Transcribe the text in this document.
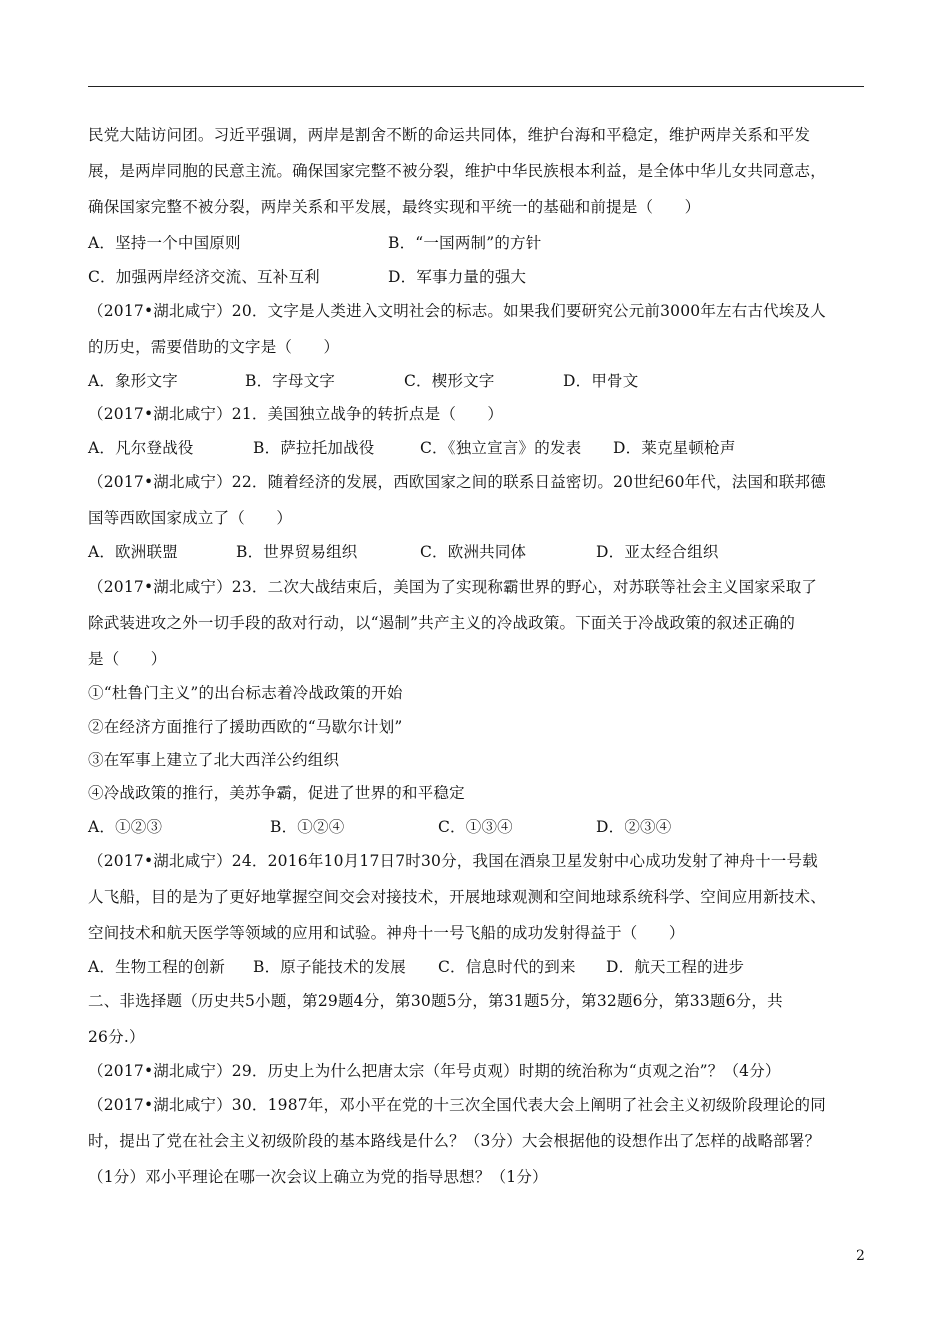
民党大陆访问团。习近平强调，两岸是割舍不断的命运共同体，维护台海和平稳定，维护两岸关系和平发
展，是两岸同胞的民意主流。确保国家完整不被分裂，维护中华民族根本利益，是全体中华儿女共同意志，
确保国家完整不被分裂，两岸关系和平发展，最终实现和平统一的基础和前提是（　　）
A．坚持一个中国原则	B．“一国两制”的方针
C．加强两岸经济交流、互补互利	D．军事力量的强大
（2017•湖北咸宁）20．文字是人类进入文明社会的标志。如果我们要研究公元前3000年左右古代埃及人
的历史，需要借助的文字是（　　）
A．象形文字	B．字母文字	C．楔形文字	D．甲骨文
（2017•湖北咸宁）21．美国独立战争的转折点是（　　）
A．凡尔登战役	B．萨拉托加战役	C．《独立宣言》的发表 D．莱克星顿枪声
（2017•湖北咸宁）22．随着经济的发展，西欧国家之间的联系日益密切。20世纪60年代，法国和联邦德
国等西欧国家成立了（　　）
A．欧洲联盟	B．世界贸易组织	C．欧洲共同体	D．亚太经合组织
（2017•湖北咸宁）23．二次大战结束后，美国为了实现称霸世界的野心，对苏联等社会主义国家采取了
除武装进攻之外一切手段的敌对行动，以“遏制”共产主义的冷战政策。下面关于冷战政策的叙述正确的
是（　　）
①“杜鲁门主义”的出台标志着冷战政策的开始
②在经济方面推行了援助西欧的“马歇尔计划”
③在军事上建立了北大西洋公约组织
④冷战政策的推行，美苏争霸，促进了世界的和平稳定
A．①②③	B．①②④	C．①③④	D．②③④
（2017•湖北咸宁）24．2016年10月17日7时30分，我国在酒泉卫星发射中心成功发射了神舟十一号载
人飞船，目的是为了更好地掌握空间交会对接技术，开展地球观测和空间地球系统科学、空间应用新技术、
空间技术和航天医学等领域的应用和试验。神舟十一号飞船的成功发射得益于（　　）
A．生物工程的创新 B．原子能技术的发展 C．信息时代的到来 D．航天工程的进步
二、非选择题（历史共5小题，第29题4分，第30题5分，第31题5分，第32题6分，第33题6分，共
26分.）
（2017•湖北咸宁）29．历史上为什么把唐太宗（年号贞观）时期的统治称为“贞观之治”？（4分）
（2017•湖北咸宁）30．1987年，邓小平在党的十三次全国代表大会上阐明了社会主义初级阶段理论的同
时，提出了党在社会主义初级阶段的基本路线是什么？（3分）大会根据他的设想作出了怎样的战略部署？
（1分）邓小平理论在哪一次会议上确立为党的指导思想？（1分）
2
